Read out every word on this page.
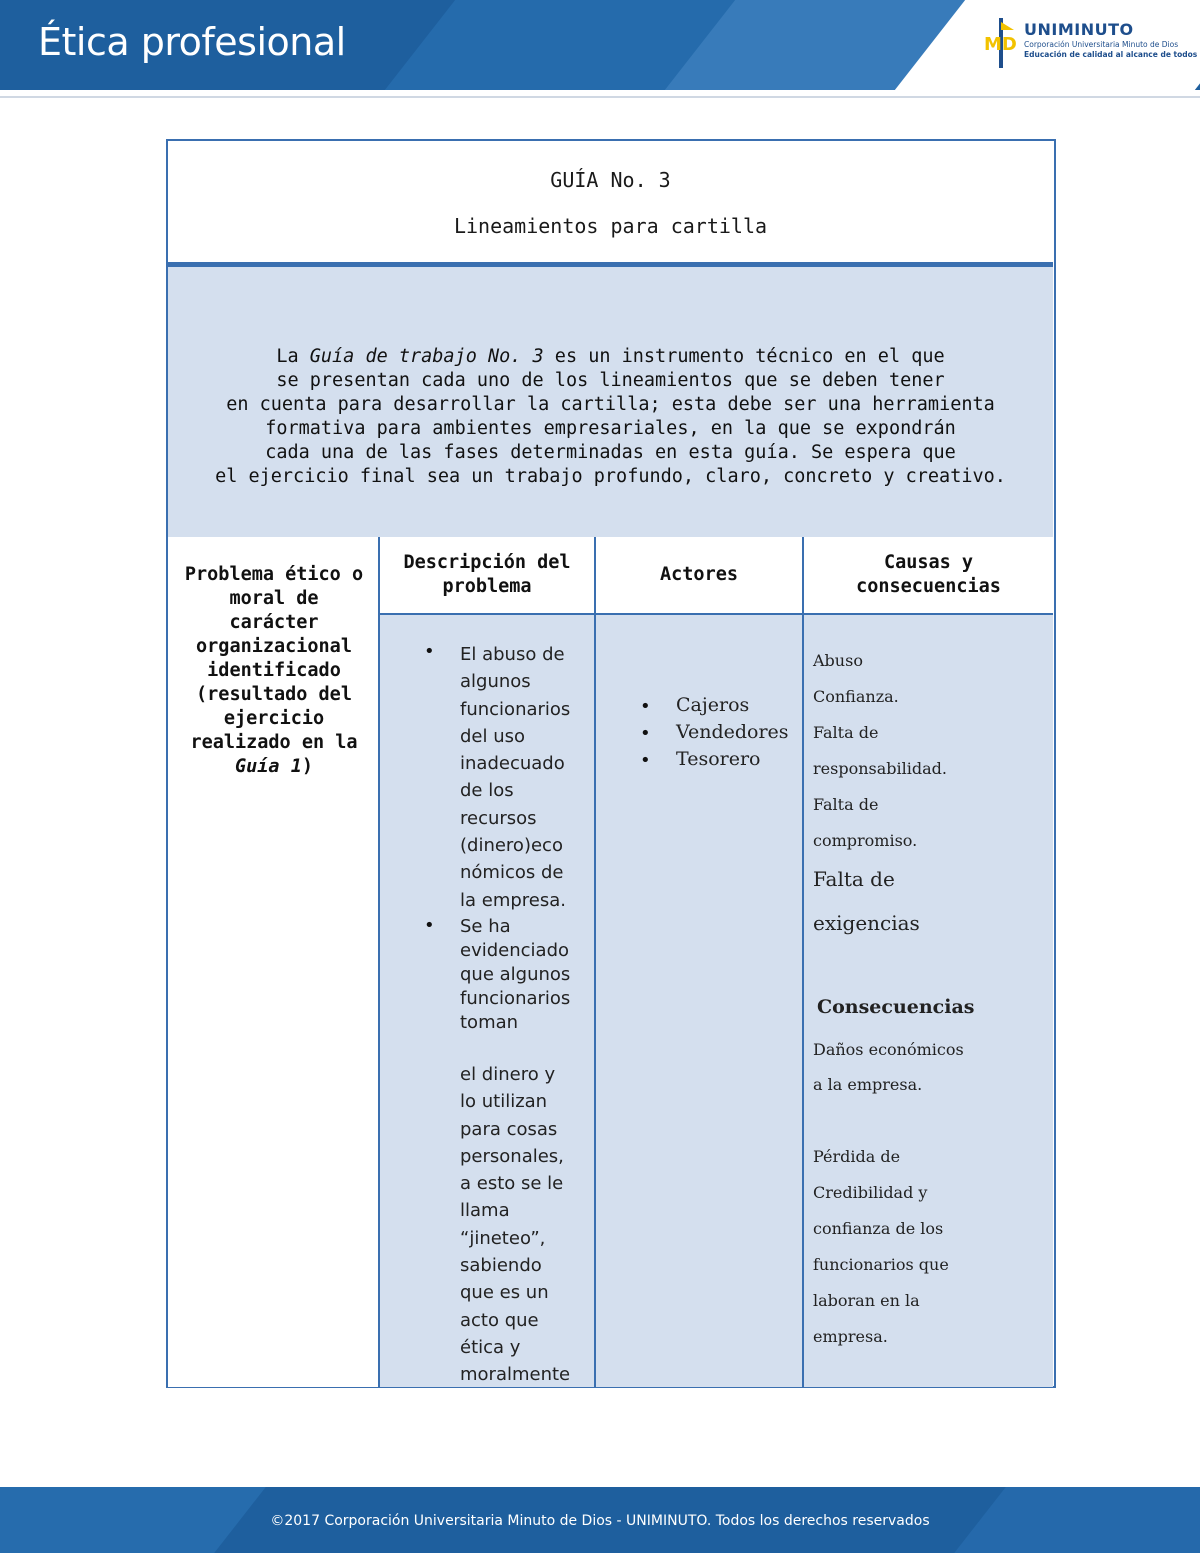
Ética profesional	MD
UNIMINUTO
Corporación Universitaria Minuto de Dios
Educación de calidad al alcance de todos
GUÍA No. 3
Lineamientos para cartilla
La Guía de trabajo No. 3 es un instrumento técnico en el que
se presentan cada uno de los lineamientos que se deben tener
en cuenta para desarrollar la cartilla; esta debe ser una herramienta
formativa para ambientes empresariales, en la que se expondrán
cada una de las fases determinadas en esta guía. Se espera que
el ejercicio final sea un trabajo profundo, claro, concreto y creativo.
Problema ético o
moral de
carácter
organizacional
identificado
(resultado del
ejercicio
realizado en la
Guía 1)
Descripción del
problema
Actores
Causas y
consecuencias
• El abuso de
algunos
funcionarios
del uso
inadecuado
de los
recursos
(dinero)eco
nómicos de
la empresa.
• Se ha
evidenciado
que algunos
funcionarios
toman
el dinero y
lo utilizan
para cosas
personales,
a esto se le
llama
“jineteo”,
sabiendo
que es un
acto que
ética y
moralmente
• Cajeros
• Vendedores
• Tesorero
Abuso
Confianza.
Falta de
responsabilidad.
Falta de
compromiso.
Falta de
exigencias
Consecuencias
Daños económicos
a la empresa.
Pérdida de
Credibilidad y
confianza de los
funcionarios que
laboran en la
empresa.
©2017 Corporación Universitaria Minuto de Dios - UNIMINUTO. Todos los derechos reservados
